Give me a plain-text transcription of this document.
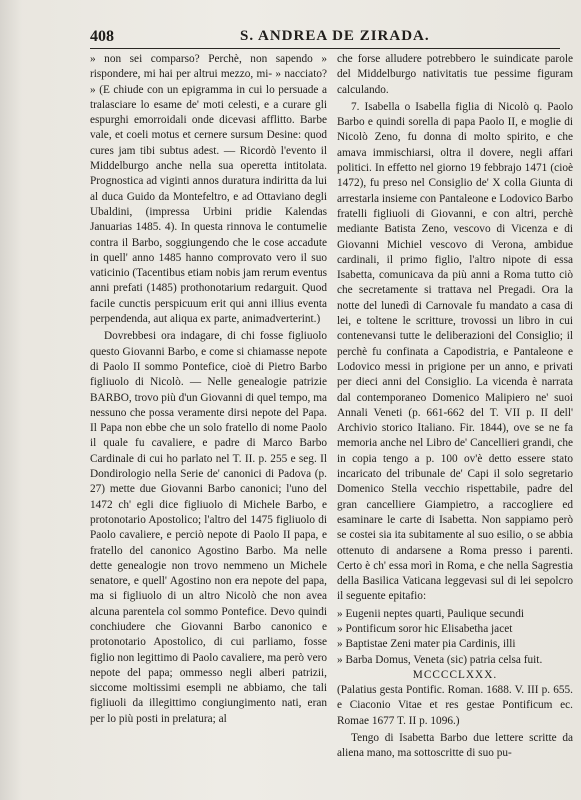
408	S. ANDREA DE ZIRADA.

» non sei comparso? Perchè, non sapendo » rispondere, mi hai per altrui mezzo, mi- » nacciato? » (E chiude con un epigramma in cui lo persuade a tralasciare lo esame de' moti celesti, e a curare gli espurghi emorroidali onde dicevasi afflitto. Barbe vale, et coeli motus et cernere sursum Desine: quod cures jam tibi subtus adest. — Ricordò l'evento il Middelburgo anche nella sua operetta intitolata. Prognostica ad viginti annos duratura indiritta da lui al duca Guido da Montefeltro, e ad Ottaviano degli Ubaldini, (impressa Urbini pridie Kalendas Januarias 1485. 4). In questa rinnova le contumelie contra il Barbo, soggiungendo che le cose accadute in quell' anno 1485 hanno comprovato vero il suo vaticinio (Tacentibus etiam nobis jam rerum eventus anni prefati (1485) prothonotarium redarguit. Quod facile cunctis perspicuum erit qui anni illius eventa perpendenda, aut aliqua ex parte, animadverterint.)

Dovrebbesi ora indagare, di chi fosse figliuolo questo Giovanni Barbo, e come si chiamasse nepote di Paolo II sommo Pontefice, cioè di Pietro Barbo figliuolo di Nicolò. — Nelle genealogie patrizie BARBO, trovo più d'un Giovanni di quel tempo, ma nessuno che possa veramente dirsi nepote del Papa. Il Papa non ebbe che un solo fratello di nome Paolo il quale fu cavaliere, e padre di Marco Barbo Cardinale di cui ho parlato nel T. II. p. 255 e seg. Il Dondirologio nella Serie de' canonici di Padova (p. 27) mette due Giovanni Barbo canonici; l'uno del 1472 ch' egli dice figliuolo di Michele Barbo, e protonotario Apostolico; l'altro del 1475 figliuolo di Paolo cavaliere, e perciò nepote di Paolo II papa, e fratello del canonico Agostino Barbo. Ma nelle dette genealogie non trovo nemmeno un Michele senatore, e quell' Agostino non era nepote del papa, ma si figliuolo di un altro Nicolò che non avea alcuna parentela col sommo Pontefice. Devo quindi conchiudere che Giovanni Barbo canonico e protonotario Apostolico, di cui parliamo, fosse figlio non legittimo di Paolo cavaliere, ma però vero nepote del papa; ommesso negli alberi patrizii, siccome moltissimi esempli ne abbiamo, che tali figliuoli da illegittimo congiungimento nati, eran per lo più posti in prelatura; al

che forse alludere potrebbero le suindicate parole del Middelburgo nativitatis tue pessime figuram calculando.

7. Isabella o Isabella figlia di Nicolò q. Paolo Barbo e quindi sorella di papa Paolo II, e moglie di Nicolò Zeno, fu donna di molto spirito, e che amava immischiarsi, oltra il dovere, negli affari politici. In effetto nel giorno 19 febbrajo 1471 (cioè 1472), fu preso nel Consiglio de' X colla Giunta di arrestarla insieme con Pantaleone e Lodovico Barbo fratelli figliuoli di Giovanni, e con altri, perchè mediante Batista Zeno, vescovo di Vicenza e di Giovanni Michiel vescovo di Verona, ambidue cardinali, il primo figlio, l'altro nipote di essa Isabetta, comunicava da più anni a Roma tutto ciò che secretamente si trattava nel Pregadi. Ora la notte del lunedì di Carnovale fu mandato a casa di lei, e toltene le scritture, trovossi un libro in cui contenevansi tutte le deliberazioni del Consiglio; il perchè fu confinata a Capodistria, e Pantaleone e Lodovico messi in prigione per un anno, e privati per dieci anni del Consiglio. La vicenda è narrata dal contemporaneo Domenico Malipiero ne' suoi Annali Veneti (p. 661-662 del T. VII p. II dell' Archivio storico Italiano. Fir. 1844), ove se ne fa memoria anche nel Libro de' Cancellieri grandi, che in copia tengo a p. 100 ov'è detto essere stato incaricato del tribunale de' Capi il solo segretario Domenico Stella vecchio rispettabile, padre del gran cancelliere Giampietro, a raccogliere ed esaminare le carte di Isabetta. Non sappiamo però se costei sia ita subitamente al suo esilio, o se abbia ottenuto di andarsene a Roma presso i parenti. Certo è ch' essa morì in Roma, e che nella Sagrestia della Basilica Vaticana leggevasi sul di lei sepolcro il seguente epitafio:

» Eugenii neptes quarti, Paulique secundi
» Pontificum soror hic Elisabetha jacet
» Baptistae Zeni mater pia Cardinis, illi
» Barba Domus, Veneta (sic) patria celsa fuit.

MCCCCLXXX.

(Palatius gesta Pontific. Roman. 1688. V. III p. 655. e Ciaconio Vitae et res gestae Pontificum ec. Romae 1677 T. II p. 1096.)

Tengo di Isabetta Barbo due lettere scritte da aliena mano, ma sottoscritte di suo pu-
